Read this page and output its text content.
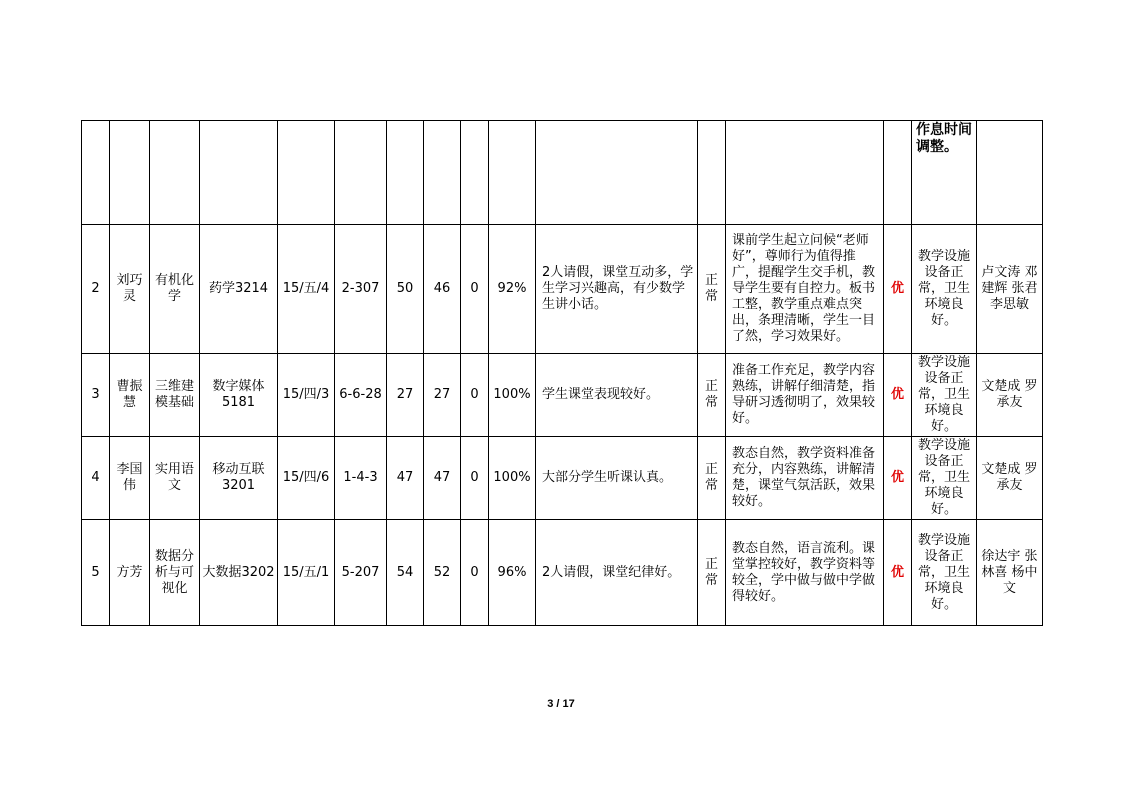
														作息时间调整。	

2	刘巧灵	有机化学	药学3214	15/五/4	2-307	50	46	0	92%	2人请假，课堂互动多，学生学习兴趣高，有少数学生讲小话。	正常	课前学生起立问候“老师好”，尊师行为值得推广，提醒学生交手机，教导学生要有自控力。板书工整，教学重点难点突出，条理清晰，学生一目了然，学习效果好。	优	教学设施设备正常，卫生环境良好。	卢文涛 邓建辉 张君 李思敏
3	曹振慧	三维建模基础	数字媒体5181	15/四/3	6-6-28	27	27	0	100%	学生课堂表现较好。	正常	准备工作充足，教学内容熟练，讲解仔细清楚，指导研习透彻明了，效果较好。	优	教学设施设备正常，卫生环境良好。	文楚成 罗承友
4	李国伟	实用语文	移动互联3201	15/四/6	1-4-3	47	47	0	100%	大部分学生听课认真。	正常	教态自然，教学资料准备充分，内容熟练，讲解清楚，课堂气氛活跃，效果较好。	优	教学设施设备正常，卫生环境良好。	文楚成 罗承友
5	方芳	数据分析与可视化	大数据3202	15/五/1	5-207	54	52	0	96%	2人请假，课堂纪律好。	正常	教态自然，语言流利。课堂掌控较好，教学资料等较全，学中做与做中学做得较好。	优	教学设施设备正常，卫生环境良好。	徐达宇 张林喜 杨中文
3 / 17
